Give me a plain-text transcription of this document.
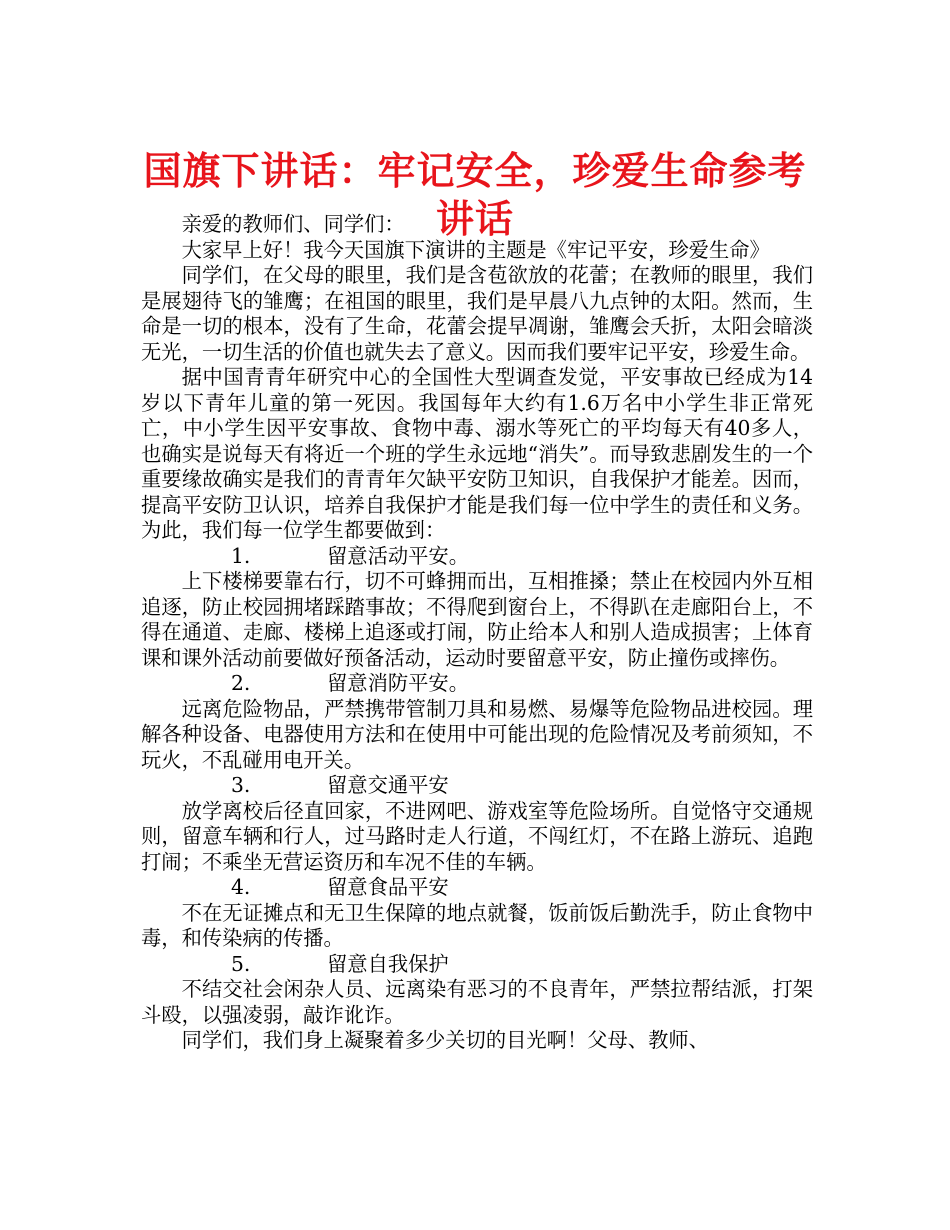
国旗下讲话：牢记安全，珍爱生命参考讲话

亲爱的教师们、同学们：

大家早上好！我今天国旗下演讲的主题是《牢记平安，珍爱生命》

同学们，在父母的眼里，我们是含苞欲放的花蕾；在教师的眼里，我们是展翅待飞的雏鹰；在祖国的眼里，我们是早晨八九点钟的太阳。然而，生命是一切的根本，没有了生命，花蕾会提早凋谢，雏鹰会夭折，太阳会暗淡无光，一切生活的价值也就失去了意义。因而我们要牢记平安，珍爱生命。

据中国青青年研究中心的全国性大型调查发觉，平安事故已经成为14岁以下青年儿童的第一死因。我国每年大约有1.6万名中小学生非正常死亡，中小学生因平安事故、食物中毒、溺水等死亡的平均每天有40多人，也确实是说每天有将近一个班的学生永远地“消失”。而导致悲剧发生的一个重要缘故确实是我们的青青年欠缺平安防卫知识，自我保护才能差。因而，提高平安防卫认识，培养自我保护才能是我们每一位中学生的责任和义务。为此，我们每一位学生都要做到：

1.	留意活动平安。

上下楼梯要靠右行，切不可蜂拥而出，互相推搡；禁止在校园内外互相追逐，防止校园拥堵踩踏事故；不得爬到窗台上，不得趴在走廊阳台上，不得在通道、走廊、楼梯上追逐或打闹，防止给本人和别人造成损害；上体育课和课外活动前要做好预备活动，运动时要留意平安，防止撞伤或摔伤。

2.	留意消防平安。

远离危险物品，严禁携带管制刀具和易燃、易爆等危险物品进校园。理解各种设备、电器使用方法和在使用中可能出现的危险情况及考前须知，不玩火，不乱碰用电开关。

3.	留意交通平安

放学离校后径直回家，不进网吧、游戏室等危险场所。自觉恪守交通规则，留意车辆和行人，过马路时走人行道，不闯红灯，不在路上游玩、追跑打闹；不乘坐无营运资历和车况不佳的车辆。

4.	留意食品平安

不在无证摊点和无卫生保障的地点就餐，饭前饭后勤洗手，防止食物中毒，和传染病的传播。

5.	留意自我保护

不结交社会闲杂人员、远离染有恶习的不良青年，严禁拉帮结派，打架斗殴，以强凌弱，敲诈讹诈。

同学们，我们身上凝聚着多少关切的目光啊！父母、教师、
